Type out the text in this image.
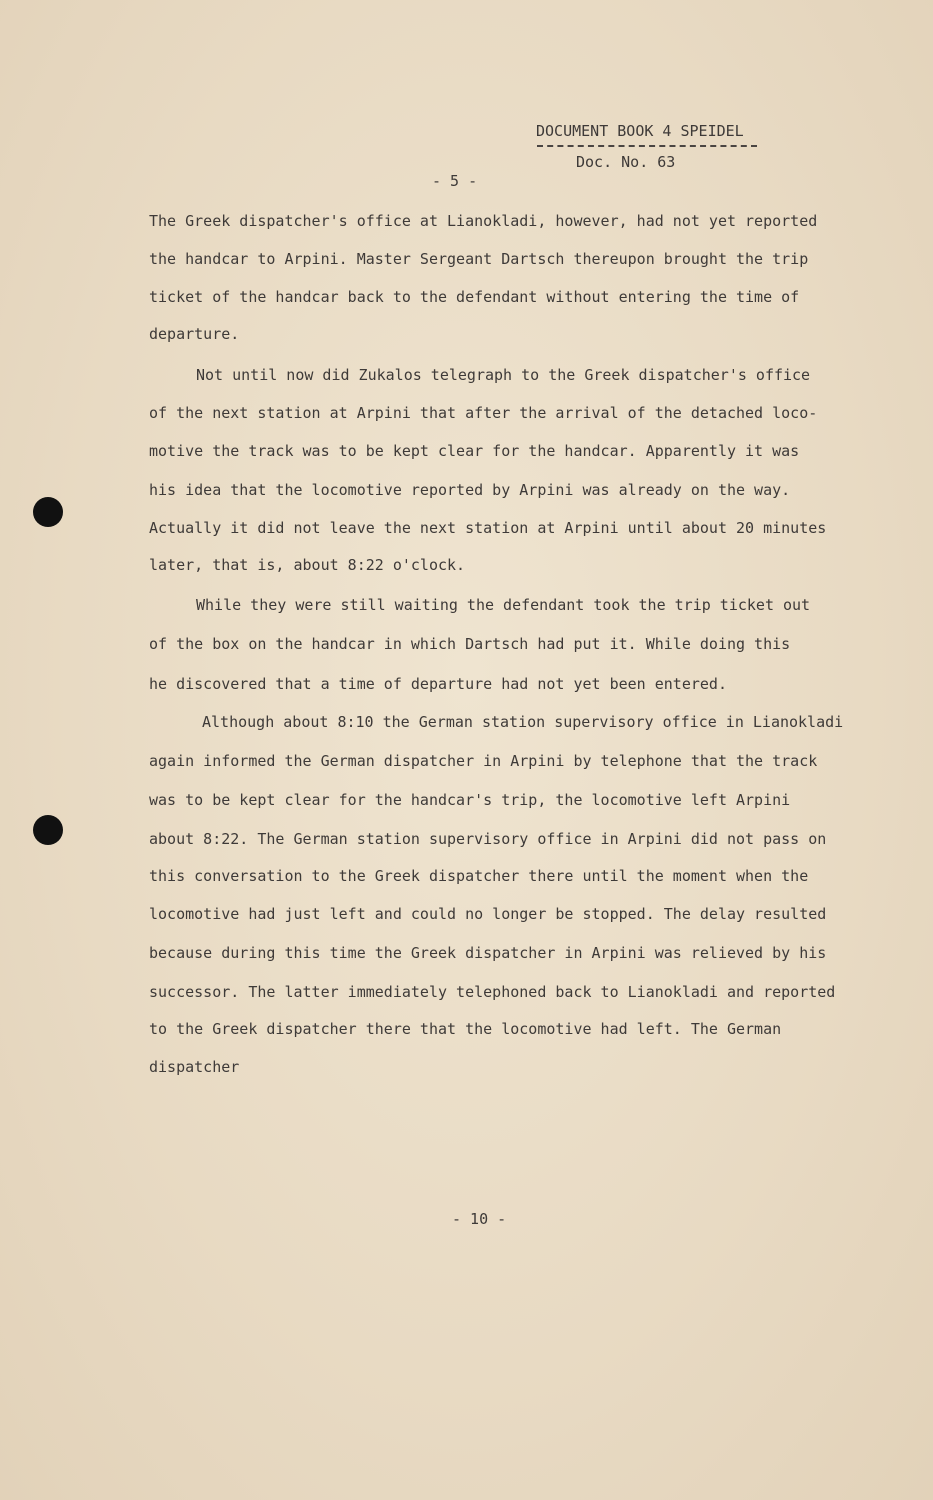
DOCUMENT BOOK 4 SPEIDEL
Doc. No. 63
- 5 -
The Greek dispatcher's office at Lianokladi, however, had not yet reported
the handcar to Arpini. Master Sergeant Dartsch thereupon brought the trip
ticket of the handcar back to the defendant without entering the time of
departure.
Not until now did Zukalos telegraph to the Greek dispatcher's office
of the next station at Arpini that after the arrival of the detached loco-
motive the track was to be kept clear for the handcar. Apparently it was
his idea that the locomotive reported by Arpini was already on the way.
Actually it did not leave the next station at Arpini until about 20 minutes
later, that is, about 8:22 o'clock.
While they were still waiting the defendant took the trip ticket out
of the box on the handcar in which Dartsch had put it. While doing this
he discovered that a time of departure had not yet been entered.
Although about 8:10 the German station supervisory office in Lianokladi
again informed the German dispatcher in Arpini by telephone that the track
was to be kept clear for the handcar's trip, the locomotive left Arpini
about 8:22. The German station supervisory office in Arpini did not pass on
this conversation to the Greek dispatcher there until the moment when the
locomotive had just left and could no longer be stopped. The delay resulted
because during this time the Greek dispatcher in Arpini was relieved by his
successor. The latter immediately telephoned back to Lianokladi and reported
to the Greek dispatcher there that the locomotive had left. The German
dispatcher
- 10 -
